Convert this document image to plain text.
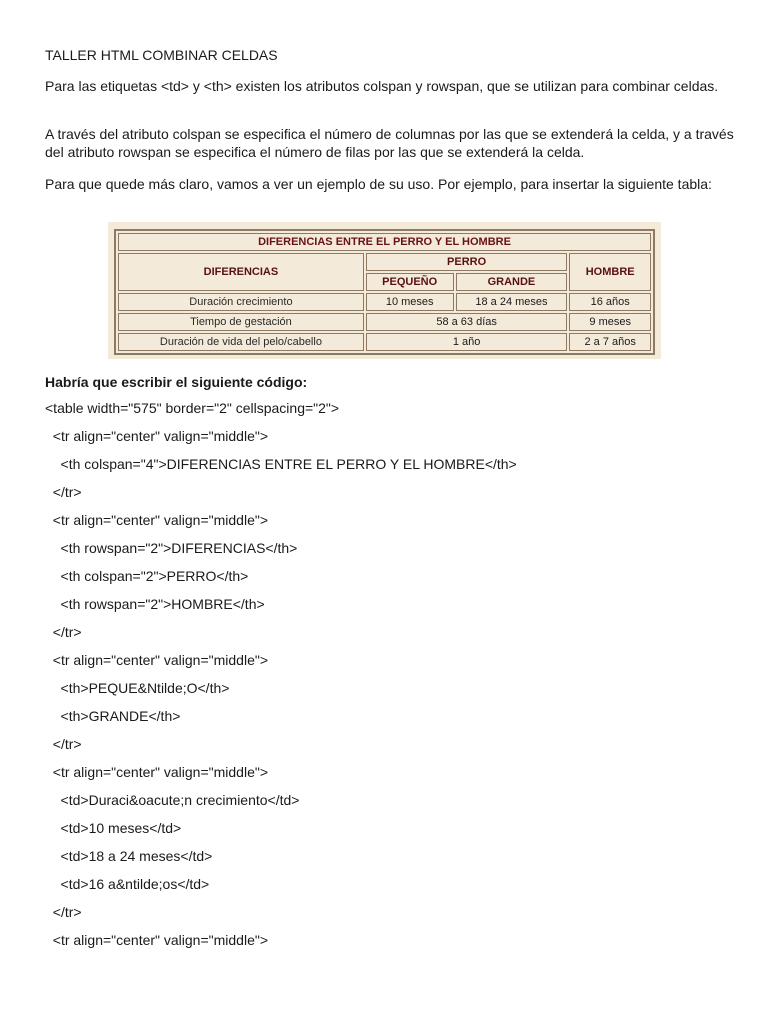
TALLER HTML COMBINAR CELDAS
Para las etiquetas <td> y <th> existen los atributos colspan y rowspan, que se utilizan para combinar celdas.
A través del atributo colspan se especifica el número de columnas por las que se extenderá la celda, y a través del atributo rowspan se especifica el número de filas por las que se extenderá la celda.
Para que quede más claro, vamos a ver un ejemplo de su uso. Por ejemplo, para insertar la siguiente tabla:
DIFERENCIAS ENTRE EL PERRO Y EL HOMBRE			
DIFERENCIAS	PERRO		HOMBRE
	PEQUEÑO	GRANDE	
Duración crecimiento	10 meses	18 a 24 meses	16 años
Tiempo de gestación	58 a 63 días		9 meses
Duración de vida del pelo/cabello	1 año		2 a 7 años
Habría que escribir el siguiente código:
<table width="575" border="2" cellspacing="2">
<tr align="center" valign="middle">
<th colspan="4">DIFERENCIAS ENTRE EL PERRO Y EL HOMBRE</th>
</tr>
<tr align="center" valign="middle">
<th rowspan="2">DIFERENCIAS</th>
<th colspan="2">PERRO</th>
<th rowspan="2">HOMBRE</th>
</tr>
<tr align="center" valign="middle">
<th>PEQUE&Ntilde;O</th>
<th>GRANDE</th>
</tr>
<tr align="center" valign="middle">
<td>Duraci&oacute;n crecimiento</td>
<td>10 meses</td>
<td>18 a 24 meses</td>
<td>16 a&ntilde;os</td>
</tr>
<tr align="center" valign="middle">
